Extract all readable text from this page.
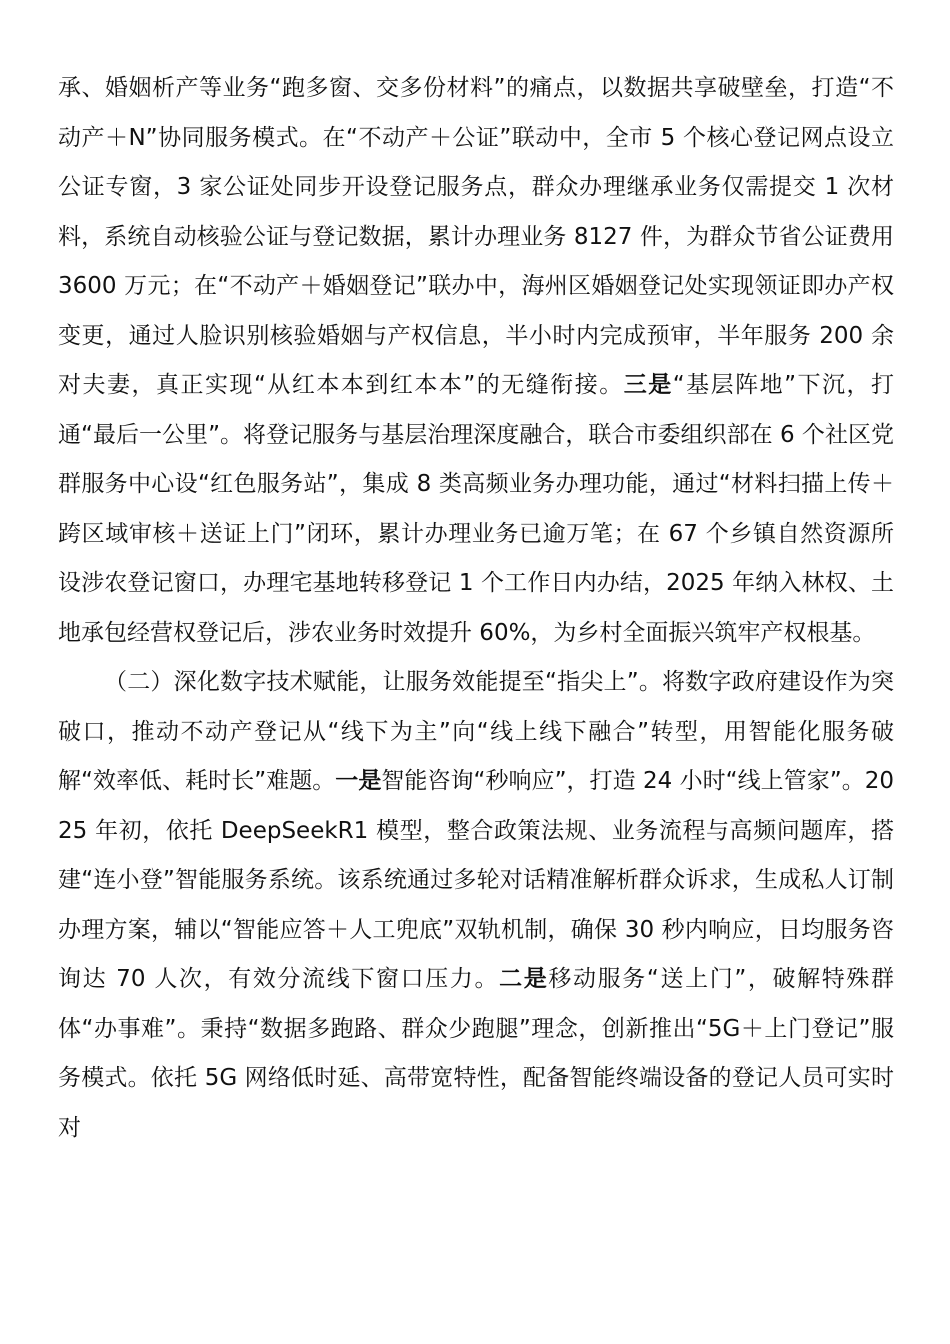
承、婚姻析产等业务“跑多窗、交多份材料”的痛点，以数据共享破壁垒，打造“不动产＋N”协同服务模式。在“不动产＋公证”联动中，全市 5 个核心登记网点设立公证专窗，3 家公证处同步开设登记服务点，群众办理继承业务仅需提交 1 次材料，系统自动核验公证与登记数据，累计办理业务 8127 件，为群众节省公证费用 3600 万元；在“不动产＋婚姻登记”联办中，海州区婚姻登记处实现领证即办产权变更，通过人脸识别核验婚姻与产权信息，半小时内完成预审，半年服务 200 余对夫妻，真正实现“从红本本到红本本”的无缝衔接。三是“基层阵地”下沉，打通“最后一公里”。将登记服务与基层治理深度融合，联合市委组织部在 6 个社区党群服务中心设“红色服务站”，集成 8 类高频业务办理功能，通过“材料扫描上传＋跨区域审核＋送证上门”闭环，累计办理业务已逾万笔；在 67 个乡镇自然资源所设涉农登记窗口，办理宅基地转移登记 1 个工作日内办结，2025 年纳入林权、土地承包经营权登记后，涉农业务时效提升 60%，为乡村全面振兴筑牢产权根基。

（二）深化数字技术赋能，让服务效能提至“指尖上”。将数字政府建设作为突破口，推动不动产登记从“线下为主”向“线上线下融合”转型，用智能化服务破解“效率低、耗时长”难题。一是智能咨询“秒响应”，打造 24 小时“线上管家”。2025 年初，依托 DeepSeekR1 模型，整合政策法规、业务流程与高频问题库，搭建“连小登”智能服务系统。该系统通过多轮对话精准解析群众诉求，生成私人订制办理方案，辅以“智能应答＋人工兜底”双轨机制，确保 30 秒内响应，日均服务咨询达 70 人次，有效分流线下窗口压力。二是移动服务“送上门”，破解特殊群体“办事难”。秉持“数据多跑路、群众少跑腿”理念，创新推出“5G＋上门登记”服务模式。依托 5G 网络低时延、高带宽特性，配备智能终端设备的登记人员可实时对
